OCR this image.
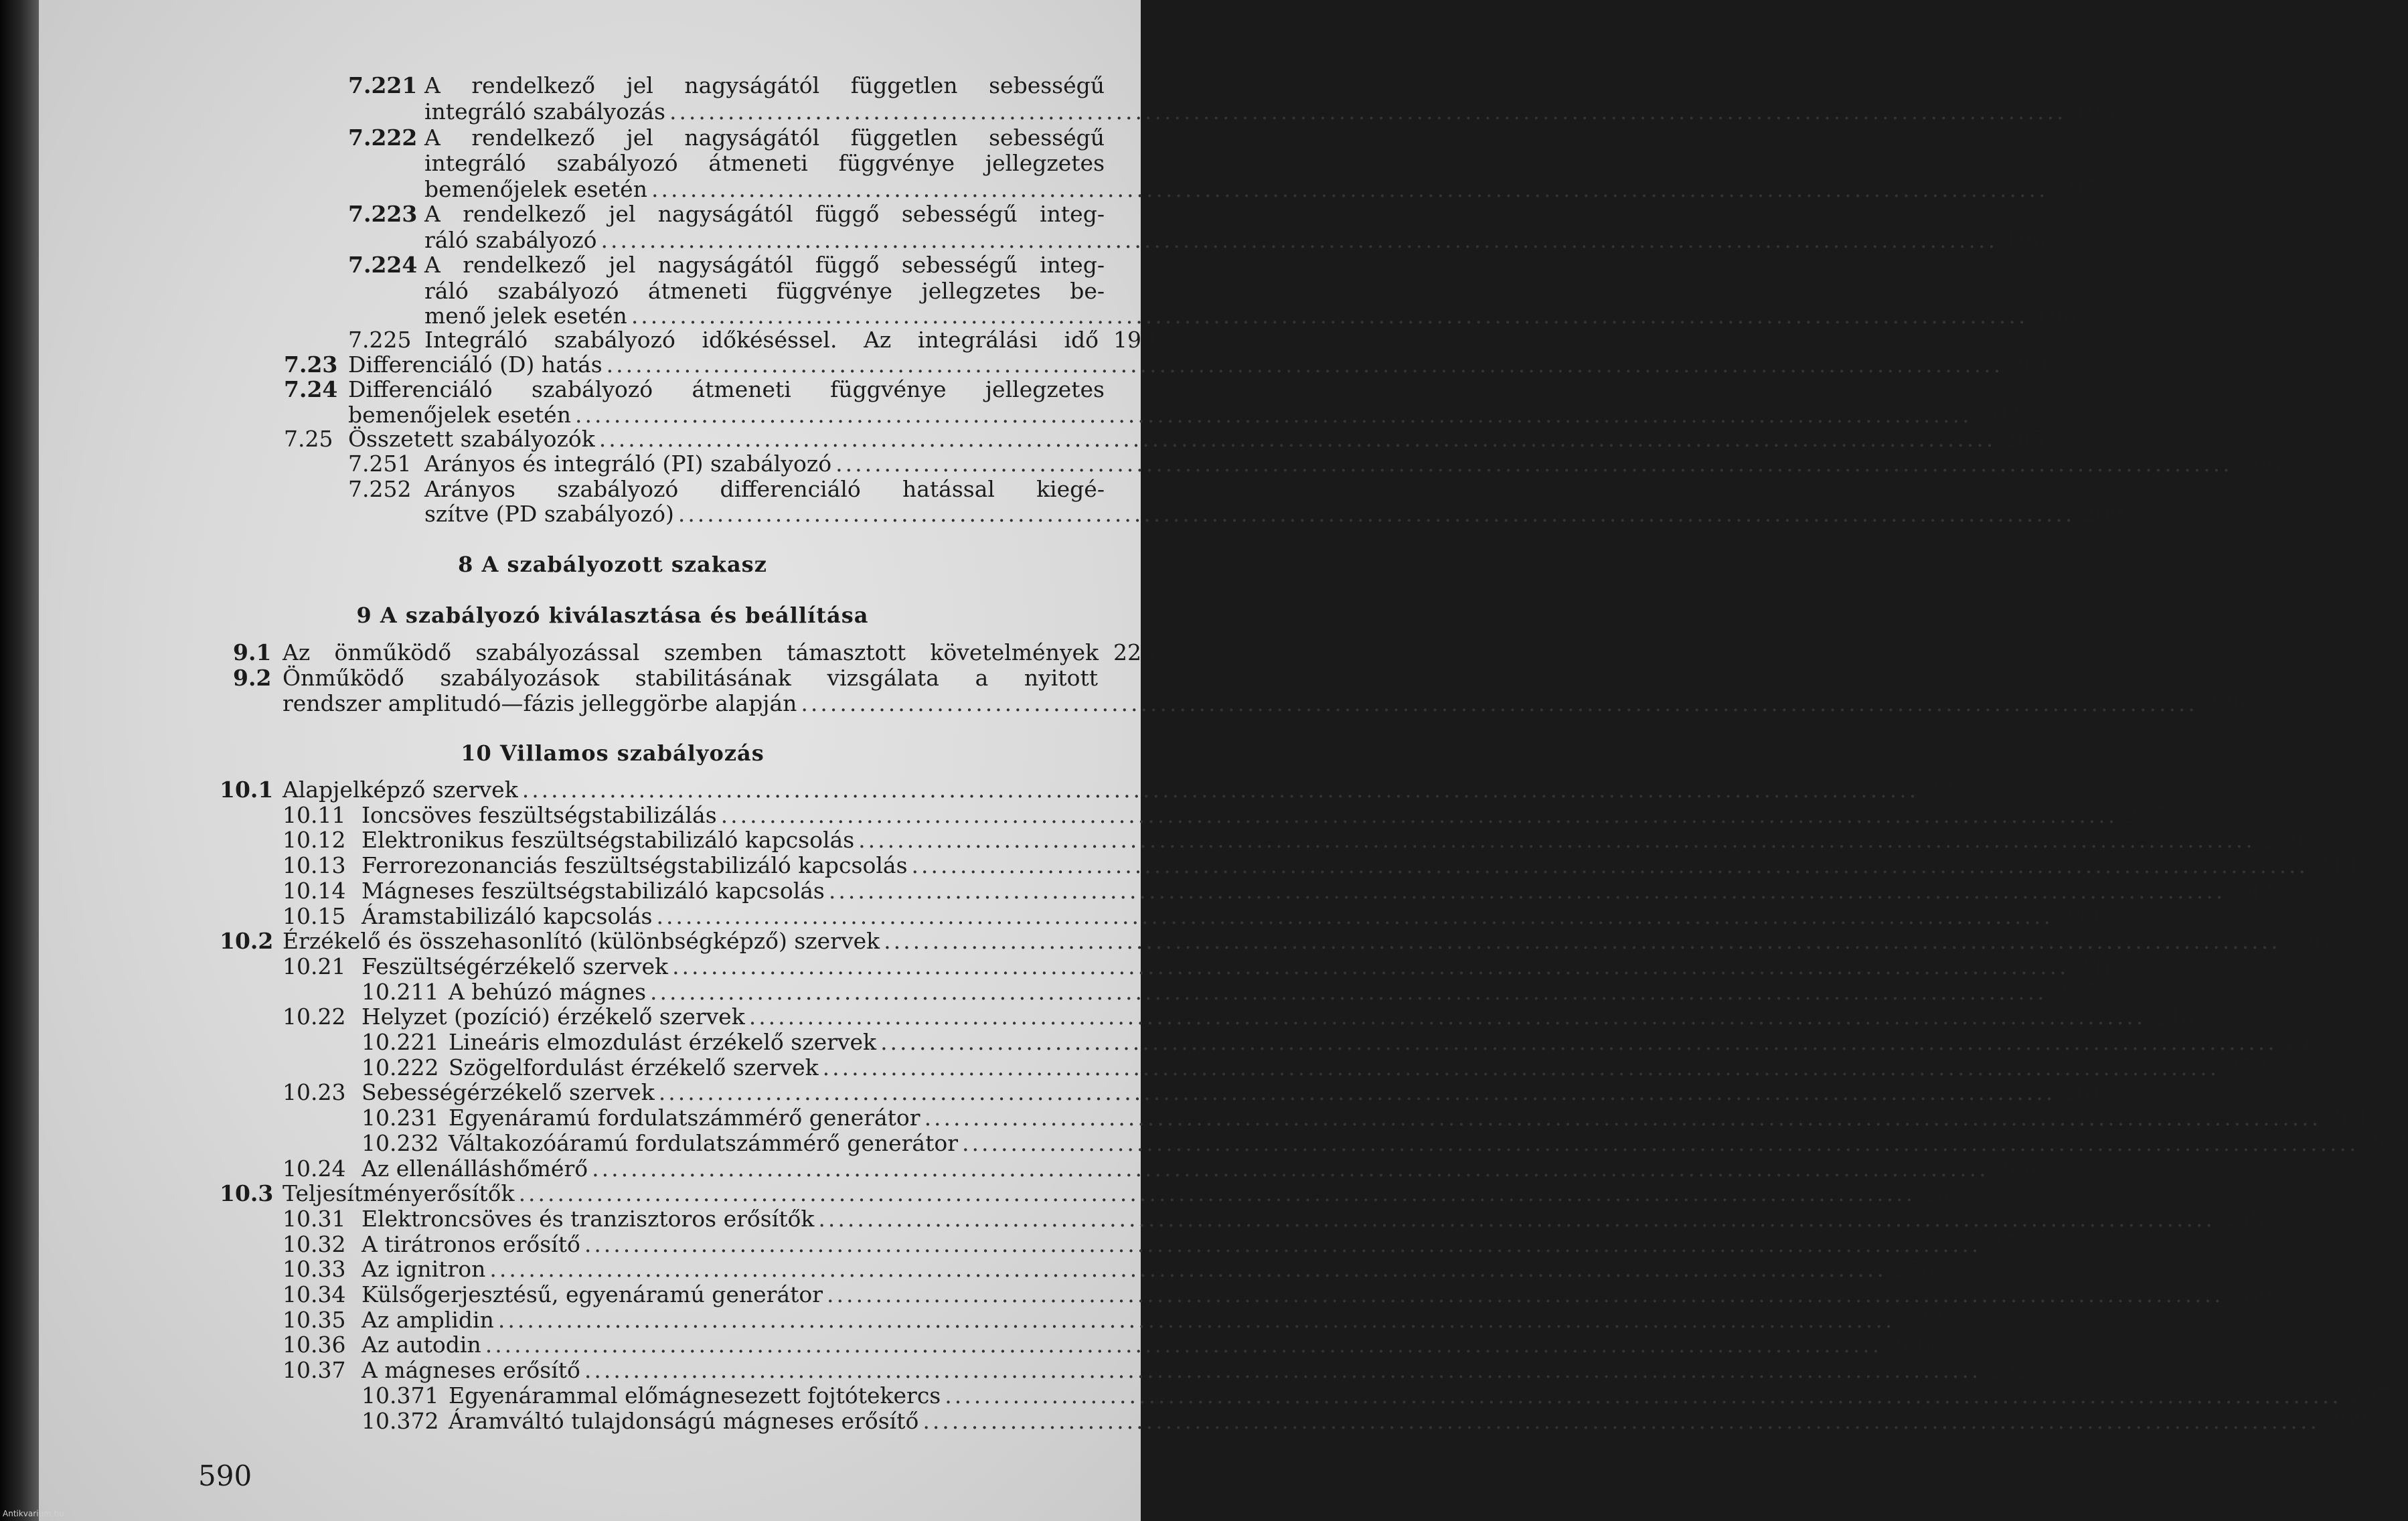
7.221 A rendelkező jel nagyságától független sebességű
integráló szabályozás ................................................................................................................................................ 193
7.222 A rendelkező jel nagyságától független sebességű
integráló szabályozó átmeneti függvénye jellegzetes
bemenőjelek esetén ................................................................................................................................................ 195
7.223 A rendelkező jel nagyságától függő sebességű integ-
ráló szabályozó ................................................................................................................................................ 196
7.224 A rendelkező jel nagyságától függő sebességű integ-
ráló szabályozó átmeneti függvénye jellegzetes be-
menő jelek esetén ................................................................................................................................................ 198
7.225 Integráló szabályozó időkéséssel. Az integrálási idő 199
7.23 Differenciáló (D) hatás ................................................................................................................................................ 201
7.24 Differenciáló szabályozó átmeneti függvénye jellegzetes
bemenőjelek esetén ................................................................................................................................................ 203
7.25 Összetett szabályozók ................................................................................................................................................ 205
7.251 Arányos és integráló (PI) szabályozó ................................................................................................................................................ 206
7.252 Arányos szabályozó differenciáló hatással kiegé-
szítve (PD szabályozó) ................................................................................................................................................ 209
8 A szabályozott szakasz
9 A szabályozó kiválasztása és beállítása
9.1 Az önműködő szabályozással szemben támasztott követelmények 223
9.2 Önműködő szabályozások stabilitásának vizsgálata a nyitott
rendszer amplitudó—fázis jelleggörbe alapján ................................................................................................................................................ 226
10 Villamos szabályozás
10.1 Alapjelképző szervek ................................................................................................................................................ 237
10.11 Ioncsöves feszültségstabilizálás ................................................................................................................................................ 237
10.12 Elektronikus feszültségstabilizáló kapcsolás ................................................................................................................................................ 239
10.13 Ferrorezonanciás feszültségstabilizáló kapcsolás ................................................................................................................................................ 240
10.14 Mágneses feszültségstabilizáló kapcsolás ................................................................................................................................................ 242
10.15 Áramstabilizáló kapcsolás ................................................................................................................................................ 244
10.2 Érzékelő és összehasonlító (különbségképző) szervek ................................................................................................................................................ 246
10.21 Feszültségérzékelő szervek ................................................................................................................................................ 246
10.211 A behúzó mágnes ................................................................................................................................................ 247
10.22 Helyzet (pozíció) érzékelő szervek ................................................................................................................................................ 248
10.221 Lineáris elmozdulást érzékelő szervek ................................................................................................................................................ 248
10.222 Szögelfordulást érzékelő szervek ................................................................................................................................................ 252
10.23 Sebességérzékelő szervek ................................................................................................................................................ 261
10.231 Egyenáramú fordulatszámmérő generátor ................................................................................................................................................ 261
10.232 Váltakozóáramú fordulatszámmérő generátor ................................................................................................................................................ 263
10.24 Az ellenálláshőmérő ................................................................................................................................................ 266
10.3 Teljesítményerősítők ................................................................................................................................................ 267
10.31 Elektroncsöves és tranzisztoros erősítők ................................................................................................................................................ 268
10.32 A tirátronos erősítő ................................................................................................................................................ 273
10.33 Az ignitron ................................................................................................................................................ 278
10.34 Külsőgerjesztésű, egyenáramú generátor ................................................................................................................................................ 280
10.35 Az amplidin ................................................................................................................................................ 282
10.36 Az autodin ................................................................................................................................................ 286
10.37 A mágneses erősítő ................................................................................................................................................ 292
10.371 Egyenárammal előmágnesezett fojtótekercs ................................................................................................................................................ 297
10.372 Áramváltó tulajdonságú mágneses erősítő ................................................................................................................................................ 299
590
Antikvarium.hu
